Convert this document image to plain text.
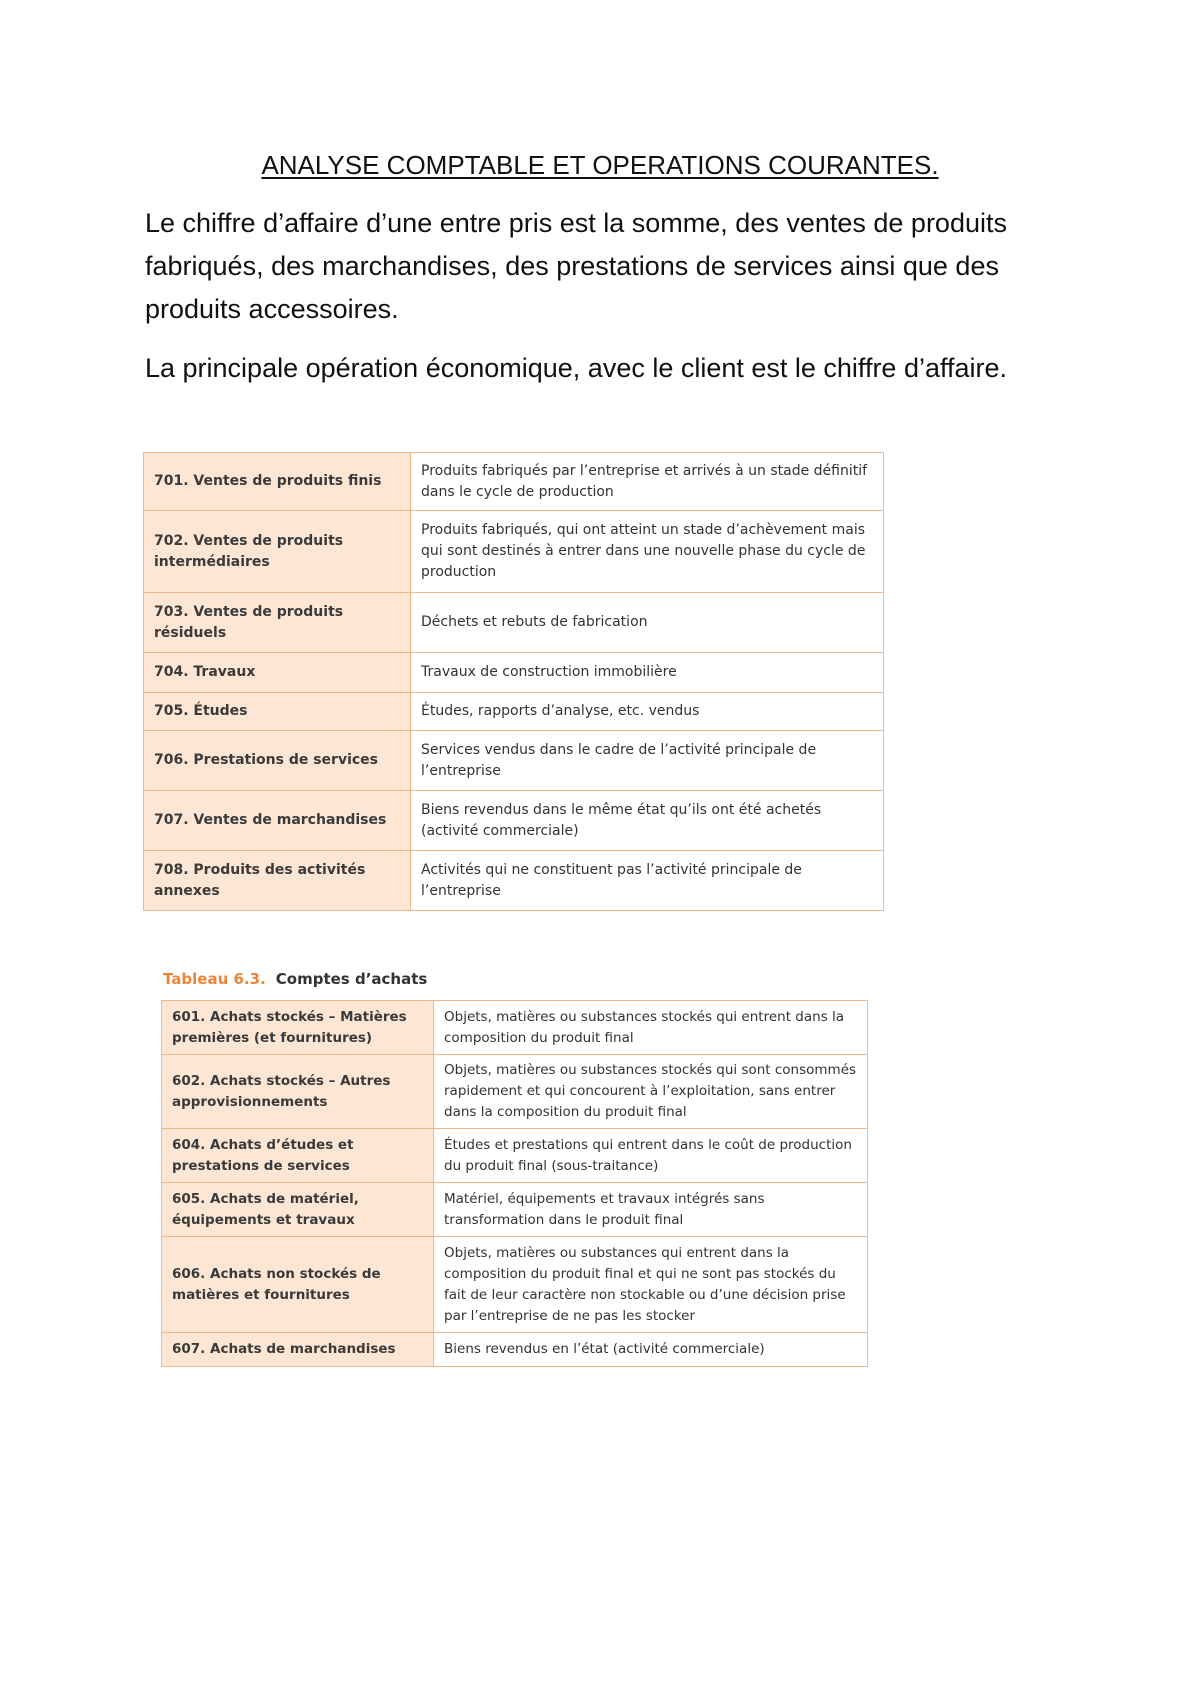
ANALYSE COMPTABLE ET OPERATIONS COURANTES.

Le chiffre d’affaire d’une entre pris est la somme, des ventes de produits fabriqués, des marchandises, des prestations de services ainsi que des produits accessoires.

La principale opération économique, avec le client est le chiffre d’affaire.

701. Ventes de produits finis	Produits fabriqués par l’entreprise et arrivés à un stade définitif dans le cycle de production
702. Ventes de produits intermédiaires	Produits fabriqués, qui ont atteint un stade d’achèvement mais qui sont destinés à entrer dans une nouvelle phase du cycle de production
703. Ventes de produits résiduels	Déchets et rebuts de fabrication
704. Travaux	Travaux de construction immobilière
705. Études	Études, rapports d’analyse, etc. vendus
706. Prestations de services	Services vendus dans le cadre de l’activité principale de l’entreprise
707. Ventes de marchandises	Biens revendus dans le même état qu’ils ont été achetés (activité commerciale)
708. Produits des activités annexes	Activités qui ne constituent pas l’activité principale de l’entreprise

Tableau 6.3. Comptes d’achats

601. Achats stockés – Matières premières (et fournitures)	Objets, matières ou substances stockés qui entrent dans la composition du produit final
602. Achats stockés – Autres approvisionnements	Objets, matières ou substances stockés qui sont consommés rapidement et qui concourent à l’exploitation, sans entrer dans la composition du produit final
604. Achats d’études et prestations de services	Études et prestations qui entrent dans le coût de production du produit final (sous-traitance)
605. Achats de matériel, équipements et travaux	Matériel, équipements et travaux intégrés sans transformation dans le produit final
606. Achats non stockés de matières et fournitures	Objets, matières ou substances qui entrent dans la composition du produit final et qui ne sont pas stockés du fait de leur caractère non stockable ou d’une décision prise par l’entreprise de ne pas les stocker
607. Achats de marchandises	Biens revendus en l’état (activité commerciale)
